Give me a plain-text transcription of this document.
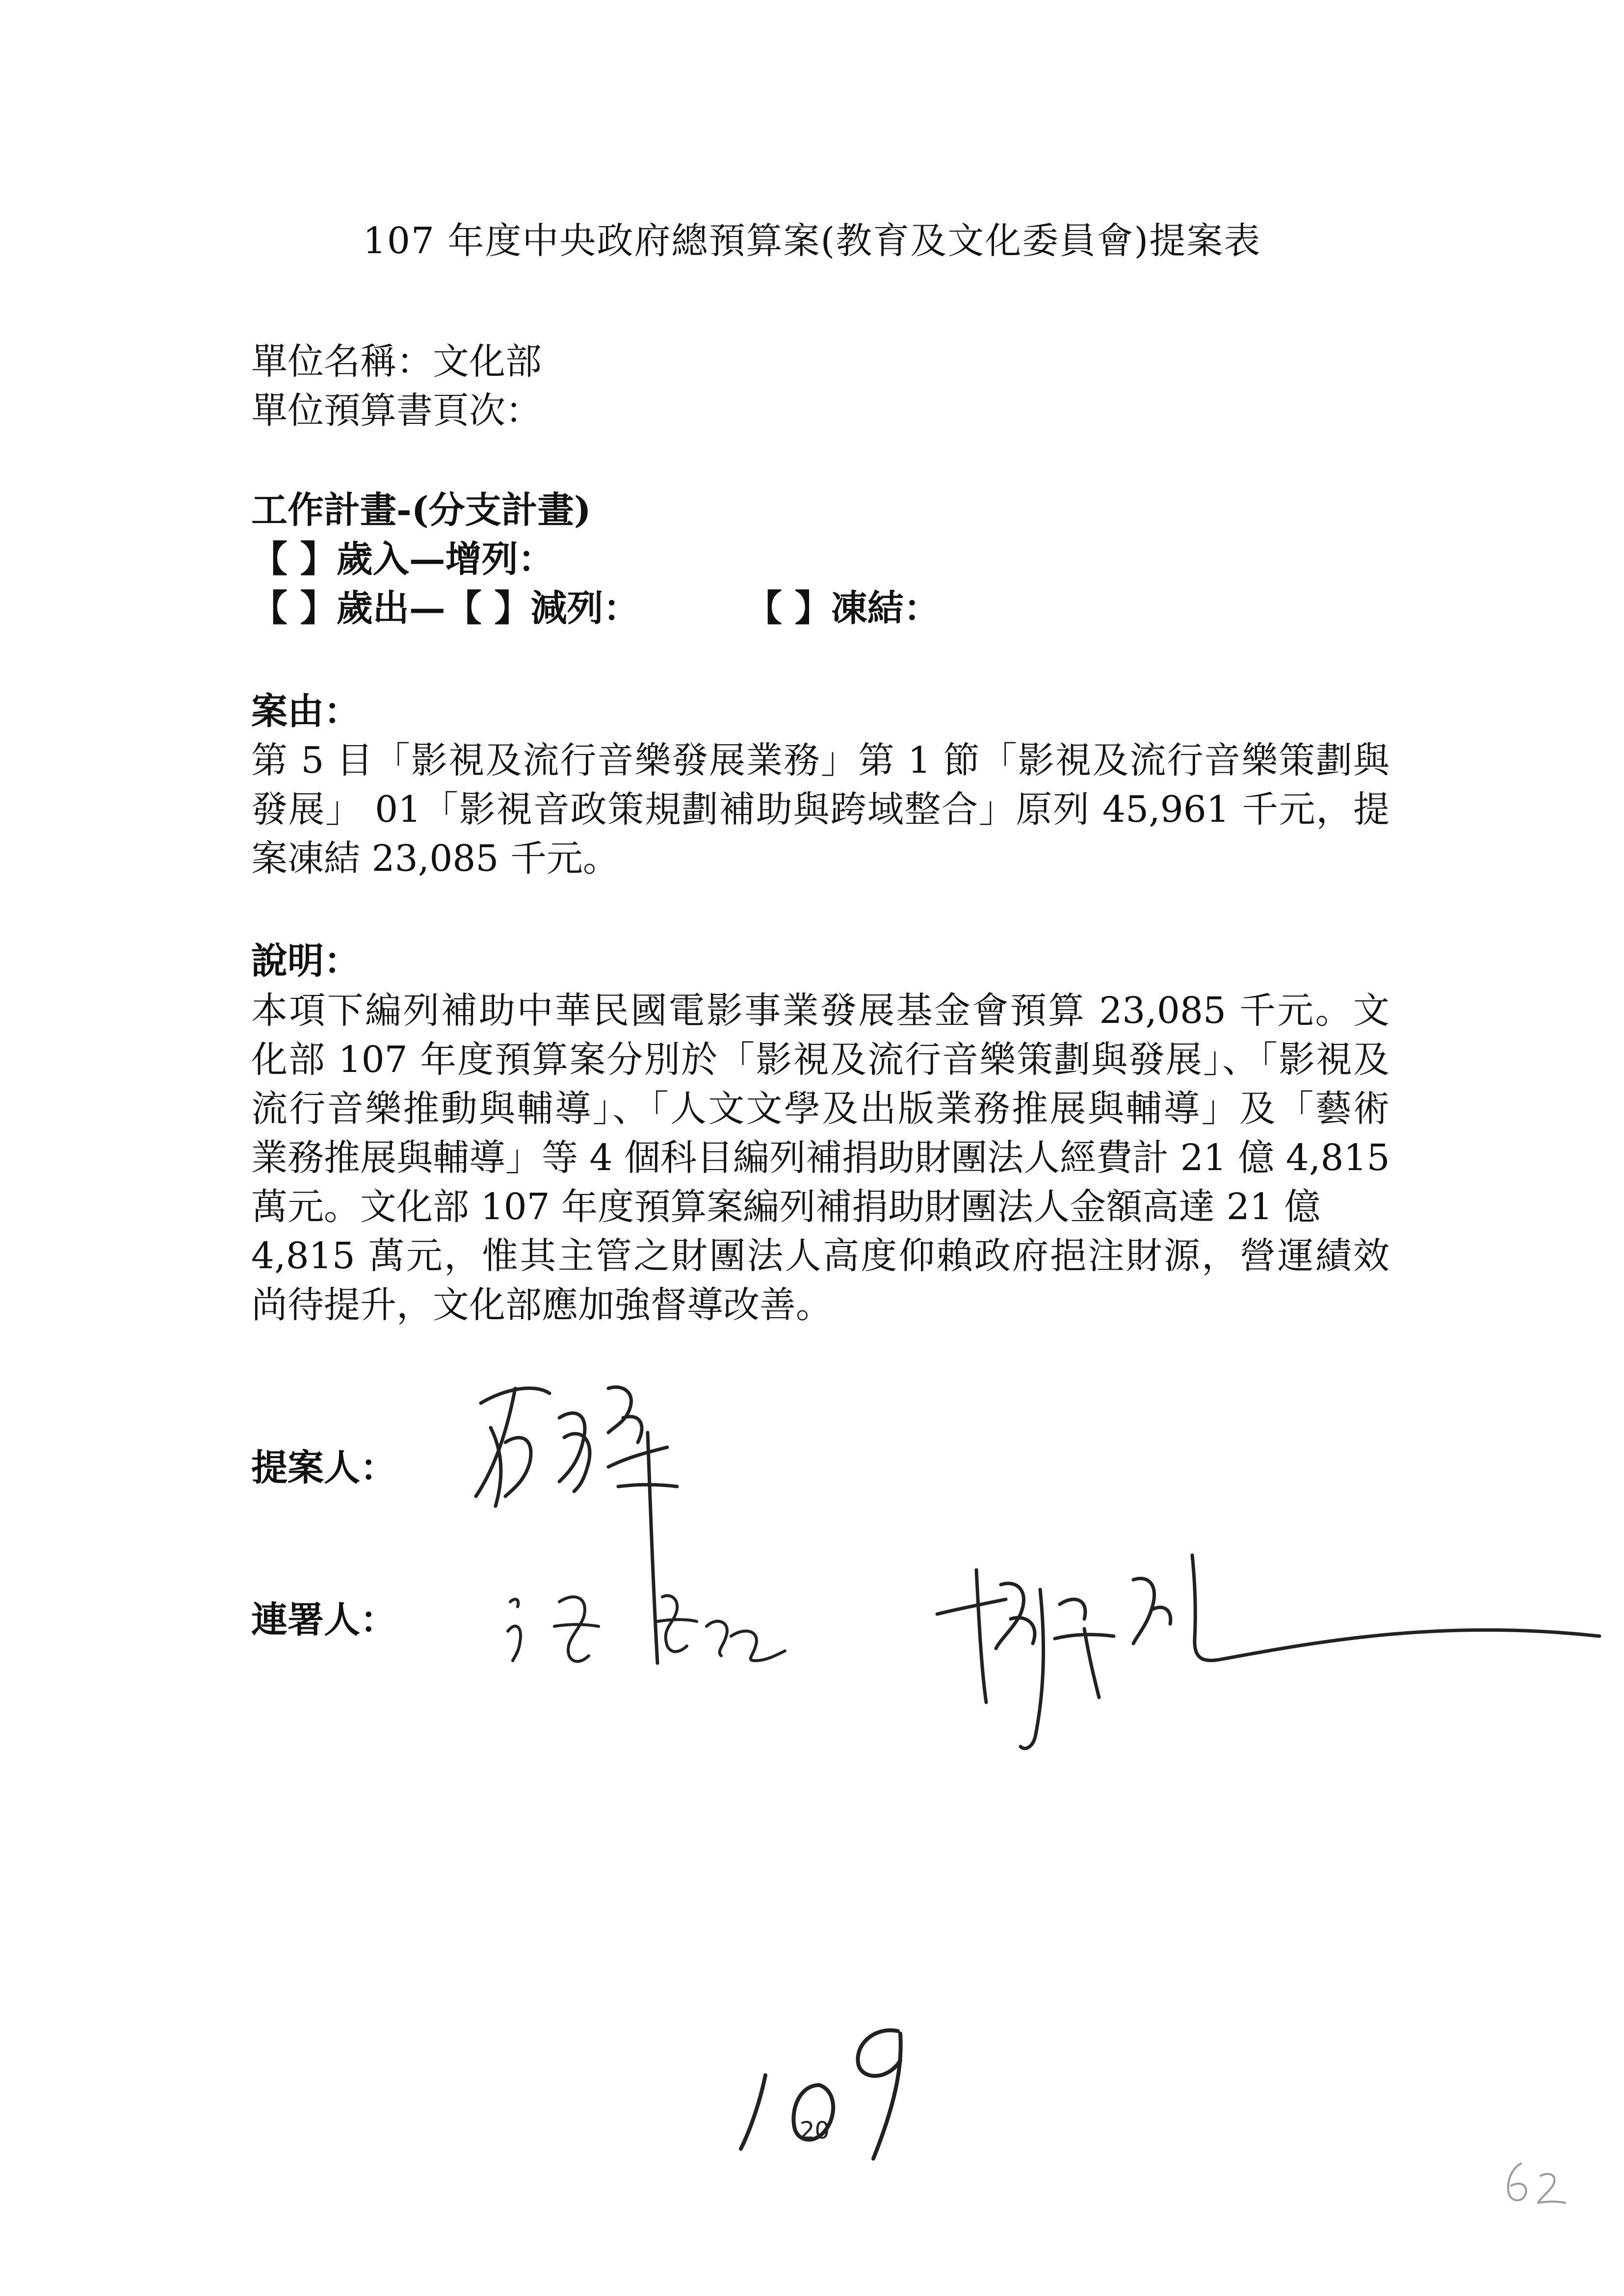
107 年度中央政府總預算案(教育及文化委員會)提案表
單位名稱：文化部
單位預算書頁次：
工作計畫-(分支計畫)
【 】歲入—增列：
【 】歲出—【 】減列：	【 】凍結：
案由：
第 5 目「影視及流行音樂發展業務」第 1 節「影視及流行音樂策劃與
發展」 01「影視音政策規劃補助與跨域整合」原列 45,961 千元，提
案凍結 23,085 千元。
說明：
本項下編列補助中華民國電影事業發展基金會預算 23,085 千元。文
化部 107 年度預算案分別於「影視及流行音樂策劃與發展」、「影視及
流行音樂推動與輔導」、「人文文學及出版業務推展與輔導」及「藝術
業務推展與輔導」等 4 個科目編列補捐助財團法人經費計 21 億 4,815
萬元。文化部 107 年度預算案編列補捐助財團法人金額高達 21 億
4,815 萬元，惟其主管之財團法人高度仰賴政府挹注財源，營運績效
尚待提升，文化部應加強督導改善。
提案人：
連署人：
20
